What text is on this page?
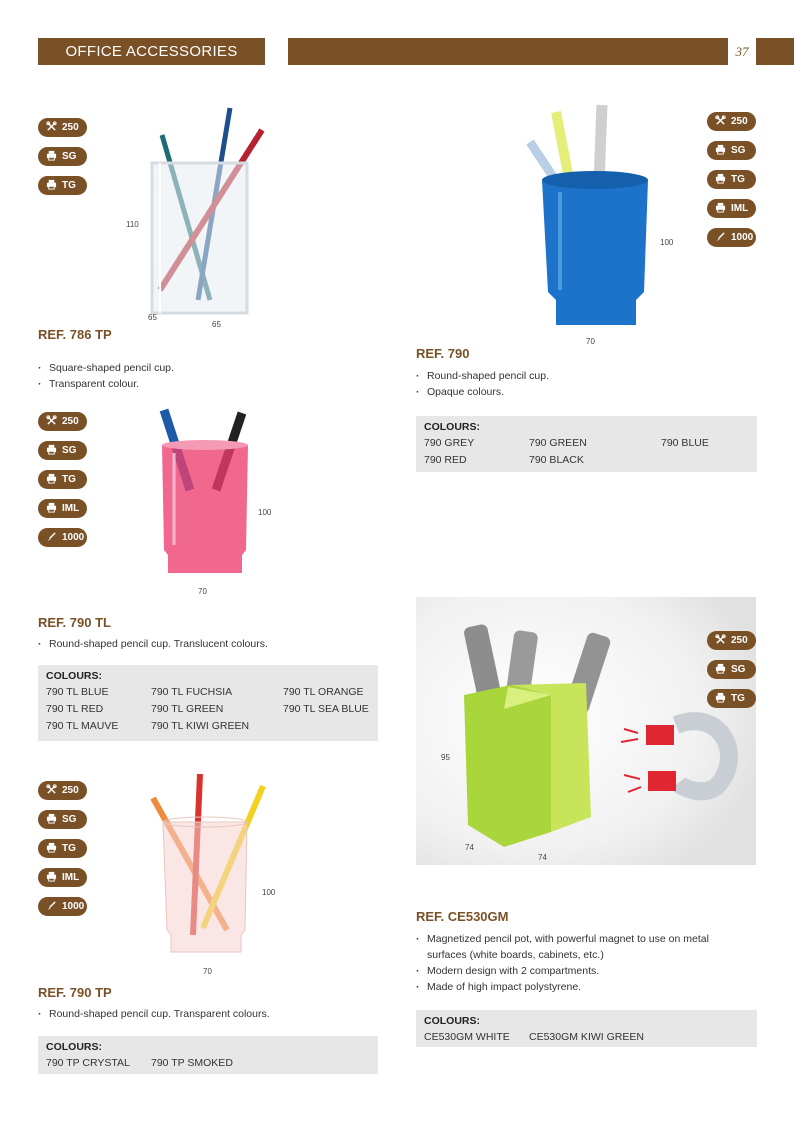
OFFICE ACCESSORIES	37
250
SG
TG
110
65
65
REF. 786 TP
· Square-shaped pencil cup.
· Transparent colour.
250
SG
TG
IML
1000
100
70
REF. 790 TL
· Round-shaped pencil cup. Translucent colours.
COLOURS:
790 TL BLUE	790 TL FUCHSIA	790 TL ORANGE
790 TL RED	790 TL GREEN	790 TL SEA BLUE
790 TL MAUVE	790 TL KIWI GREEN
250
SG
TG
IML
1000
100
70
REF. 790 TP
· Round-shaped pencil cup. Transparent colours.
COLOURS:
790 TP CRYSTAL	790 TP SMOKED
100
70
250
SG
TG
IML
1000
REF. 790
· Round-shaped pencil cup.
· Opaque colours.
COLOURS:
790 GREY	790 GREEN	790 BLUE
790 RED	790 BLACK
95
74
74
250
SG
TG
REF. CE530GM
· Magnetized pencil pot, with powerful magnet to use on metal surfaces (white boards, cabinets, etc.)
· Modern design with 2 compartments.
· Made of high impact polystyrene.
COLOURS:
CE530GM WHITE	CE530GM KIWI GREEN
